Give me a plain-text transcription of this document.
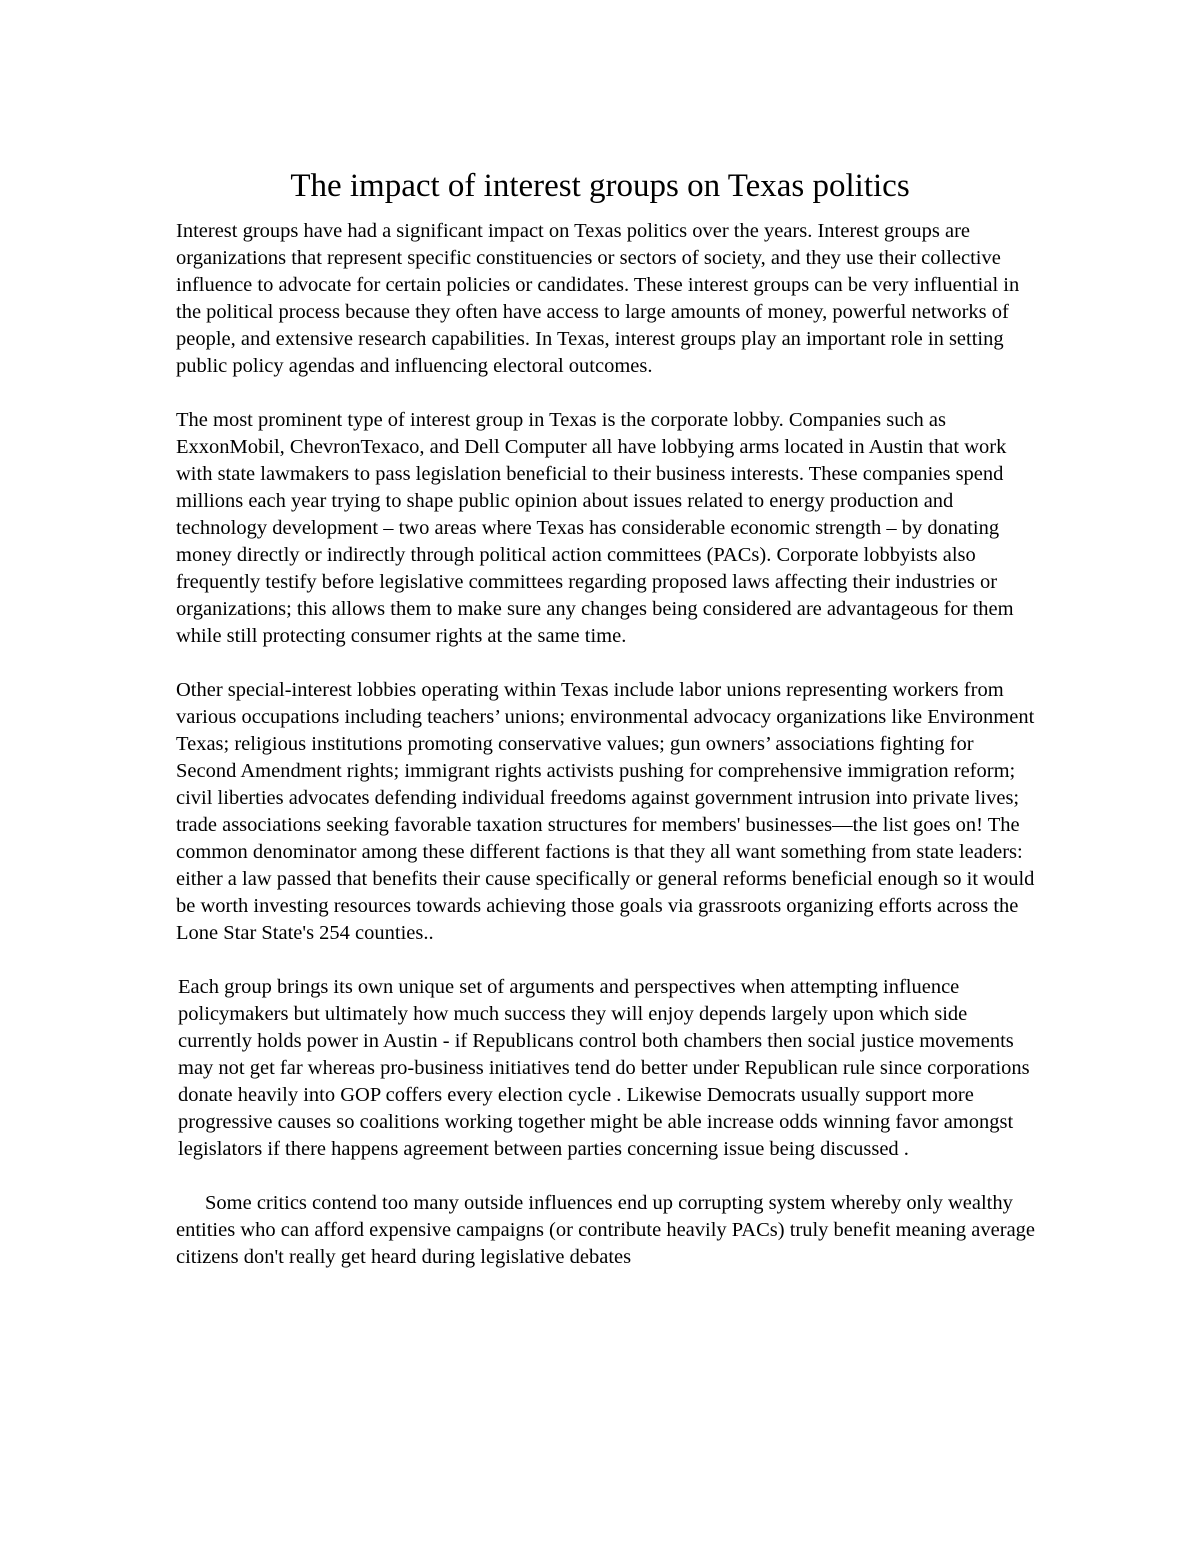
The impact of interest groups on Texas politics

Interest groups have had a significant impact on Texas politics over the years. Interest groups are organizations that represent specific constituencies or sectors of society, and they use their collective influence to advocate for certain policies or candidates. These interest groups can be very influential in the political process because they often have access to large amounts of money, powerful networks of people, and extensive research capabilities. In Texas, interest groups play an important role in setting public policy agendas and influencing electoral outcomes.

The most prominent type of interest group in Texas is the corporate lobby. Companies such as ExxonMobil, ChevronTexaco, and Dell Computer all have lobbying arms located in Austin that work with state lawmakers to pass legislation beneficial to their business interests. These companies spend millions each year trying to shape public opinion about issues related to energy production and technology development – two areas where Texas has considerable economic strength – by donating money directly or indirectly through political action committees (PACs). Corporate lobbyists also frequently testify before legislative committees regarding proposed laws affecting their industries or organizations; this allows them to make sure any changes being considered are advantageous for them while still protecting consumer rights at the same time.

Other special-interest lobbies operating within Texas include labor unions representing workers from various occupations including teachers’ unions; environmental advocacy organizations like Environment Texas; religious institutions promoting conservative values; gun owners’ associations fighting for Second Amendment rights; immigrant rights activists pushing for comprehensive immigration reform; civil liberties advocates defending individual freedoms against government intrusion into private lives; trade associations seeking favorable taxation structures for members' businesses—the list goes on! The common denominator among these different factions is that they all want something from state leaders: either a law passed that benefits their cause specifically or general reforms beneficial enough so it would be worth investing resources towards achieving those goals via grassroots organizing efforts across the Lone Star State's 254 counties..

Each group brings its own unique set of arguments and perspectives when attempting influence policymakers but ultimately how much success they will enjoy depends largely upon which side currently holds power in Austin - if Republicans control both chambers then social justice movements may not get far whereas pro-business initiatives tend do better under Republican rule since corporations donate heavily into GOP coffers every election cycle . Likewise Democrats usually support more progressive causes so coalitions working together might be able increase odds winning favor amongst legislators if there happens agreement between parties concerning issue being discussed .

Some critics contend too many outside influences end up corrupting system whereby only wealthy entities who can afford expensive campaigns (or contribute heavily PACs) truly benefit meaning average citizens don't really get heard during legislative debates
